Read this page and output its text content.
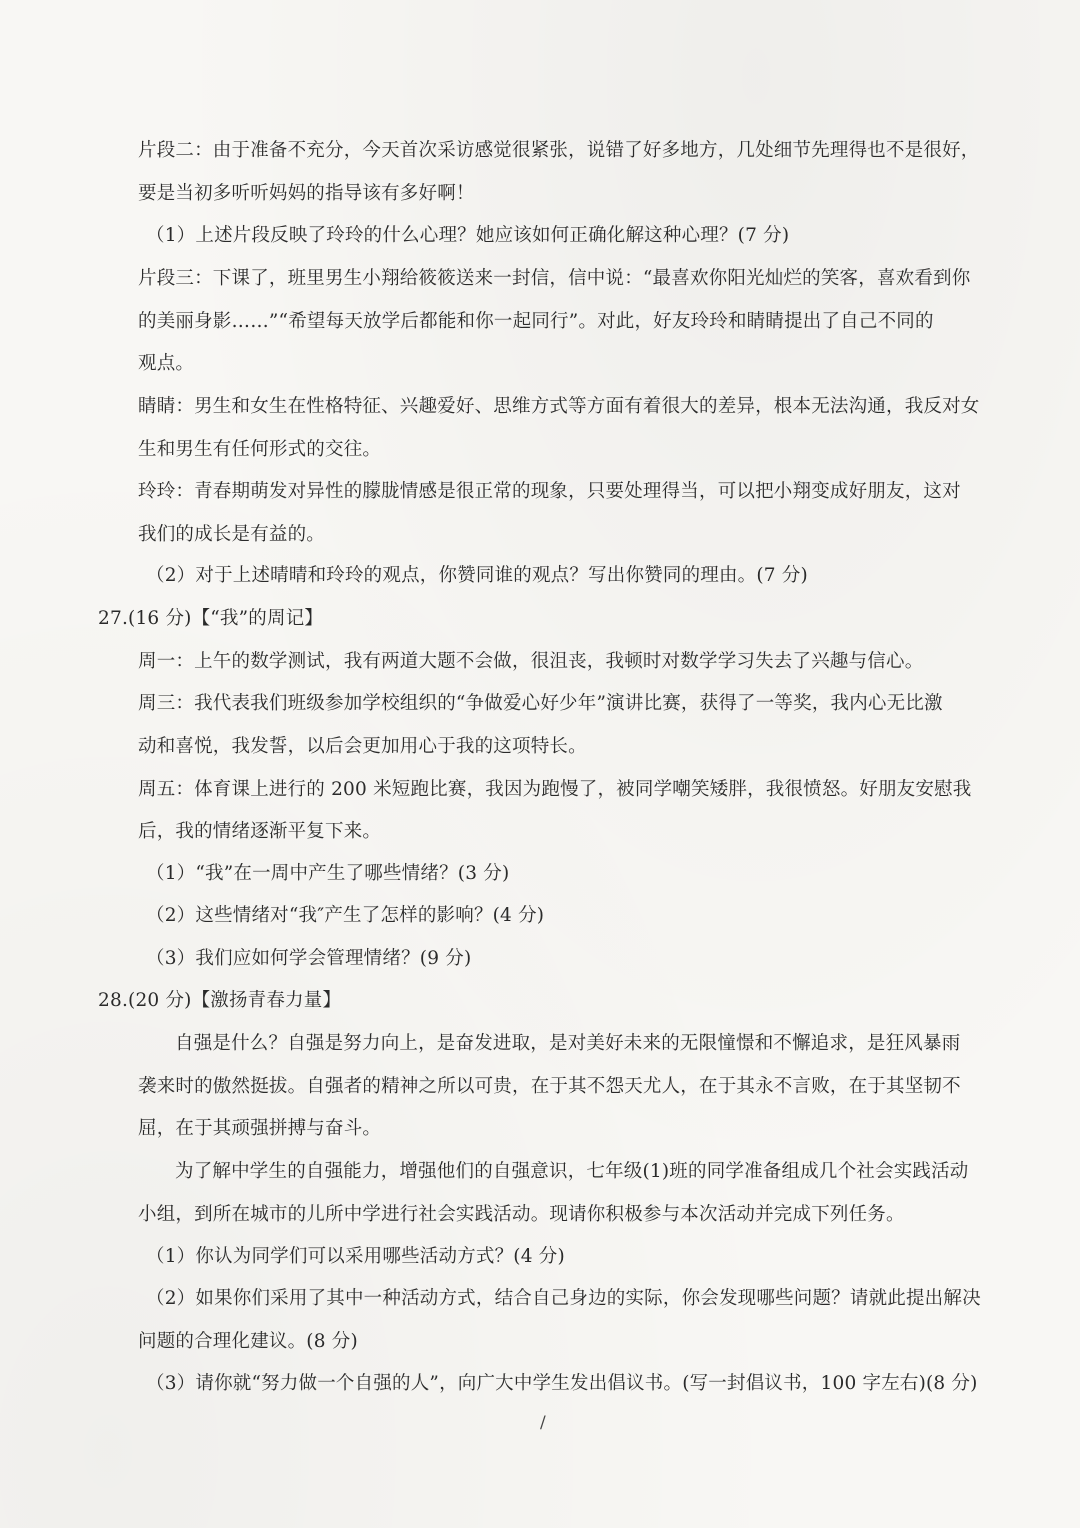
片段二：由于准备不充分，今天首次采访感觉很紧张，说错了好多地方，几处细节先理得也不是很好，
要是当初多听听妈妈的指导该有多好啊！
（1）上述片段反映了玲玲的什么心理？她应该如何正确化解这种心理？(7 分)
片段三：下课了，班里男生小翔给筱筱送来一封信，信中说：“最喜欢你阳光灿烂的笑客，喜欢看到你
的美丽身影……”“希望每天放学后都能和你一起同行”。对此，好友玲玲和睛睛提出了自己不同的
观点。
睛睛：男生和女生在性格特征、兴趣爱好、思维方式等方面有着很大的差异，根本无法沟通，我反对女
生和男生有任何形式的交往。
玲玲：青春期萌发对异性的朦胧情感是很正常的现象，只要处理得当，可以把小翔变成好朋友，这对
我们的成长是有益的。
（2）对于上述晴晴和玲玲的观点，你赞同谁的观点？写出你赞同的理由。(7 分)
27.(16 分)【“我”的周记】
周一：上午的数学测试，我有两道大题不会做，很沮丧，我顿时对数学学习失去了兴趣与信心。
周三：我代表我们班级参加学校组织的“争做爱心好少年”演讲比赛，获得了一等奖，我内心无比激
动和喜悦，我发誓，以后会更加用心于我的这项特长。
周五：体育课上进行的 200 米短跑比赛，我因为跑慢了，被同学嘲笑矮胖，我很愤怒。好朋友安慰我
后，我的情绪逐渐平复下来。
（1）“我”在一周中产生了哪些情绪？(3 分)
（2）这些情绪对“我″产生了怎样的影响？(4 分)
（3）我们应如何学会管理情绪？(9 分)
28.(20 分)【激扬青春力量】
自强是什么？自强是努力向上，是奋发进取，是对美好未来的无限憧憬和不懈追求，是狂风暴雨
袭来时的傲然挺拔。自强者的精神之所以可贵，在于其不怨天尤人，在于其永不言败，在于其坚韧不
屈，在于其顽强拼搏与奋斗。
为了解中学生的自强能力，增强他们的自强意识，七年级(1)班的同学准备组成几个社会实践活动
小组，到所在城市的儿所中学进行社会实践活动。现请你积极参与本次活动并完成下列任务。
（1）你认为同学们可以采用哪些活动方式？(4 分)
（2）如果你们采用了其中一种活动方式，结合自己身边的实际，你会发现哪些问题？请就此提出解决
问题的合理化建议。(8 分)
（3）请你就“努力做一个自强的人”，向广大中学生发出倡议书。(写一封倡议书，100 字左右)(8 分)
/
